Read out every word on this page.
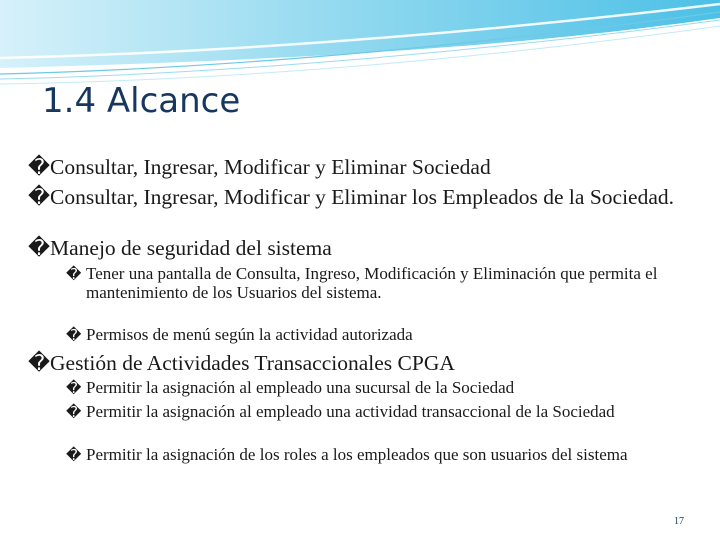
1.4 Alcance
� Consultar, Ingresar, Modificar y Eliminar Sociedad
� Consultar, Ingresar, Modificar y Eliminar los Empleados de la Sociedad.
� Manejo de seguridad del sistema
� Tener una pantalla de Consulta, Ingreso, Modificación y Eliminación que permita el mantenimiento de los Usuarios del sistema.
� Permisos de menú según la actividad autorizada
� Gestión de Actividades Transaccionales CPGA
� Permitir la asignación al empleado una sucursal de la Sociedad
� Permitir la asignación al empleado una actividad transaccional de la Sociedad
� Permitir la asignación de los roles a los empleados que son usuarios del sistema
17
